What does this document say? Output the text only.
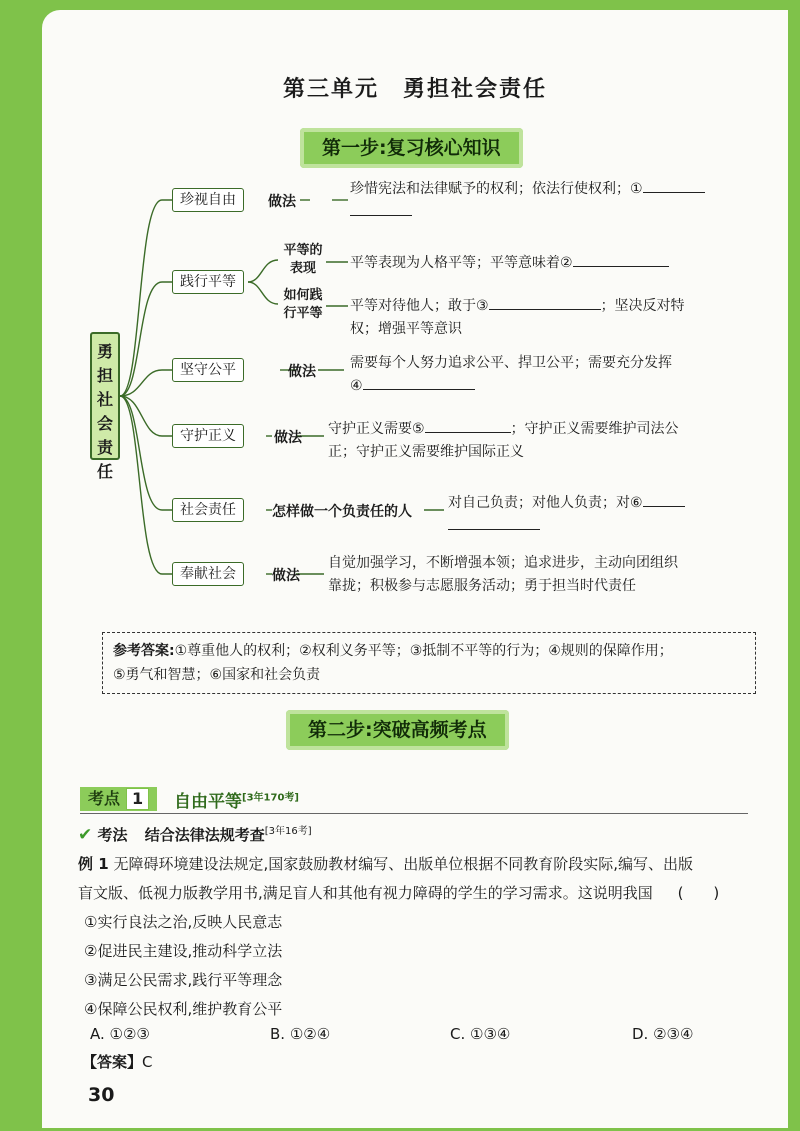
第三单元　勇担社会责任
第一步:复习核心知识
勇担社会责任
珍视自由	做法
珍惜宪法和法律赋予的权利；依法行使权利；①

践行平等
平等的表现	平等表现为人格平等；平等意味着②
如何践行平等	平等对待他人；敢于③	；坚决反对特
权；增强平等意识
坚守公平	做法
需要每个人努力追求公平、捍卫公平；需要充分发挥
④
守护正义	做法
守护正义需要⑤	；守护正义需要维护司法公
正；守护正义需要维护国际正义
社会责任	怎样做一个负责任的人
对自己负责；对他人负责；对⑥

奉献社会	做法
自觉加强学习，不断增强本领；追求进步，主动向团组织
靠拢；积极参与志愿服务活动；勇于担当时代责任
参考答案:①尊重他人的权利；②权利义务平等；③抵制不平等的行为；④规则的保障作用；
⑤勇气和智慧；⑥国家和社会负责
第二步:突破高频考点
考点 1	自由平等[3年170考]
✔ 考法 结合法律法规考查[3年16考]
例 1 无障碍环境建设法规定,国家鼓励教材编写、出版单位根据不同教育阶段实际,编写、出版
盲文版、低视力版教学用书,满足盲人和其他有视力障碍的学生的学习需求。这说明我国 (　　)
①实行良法之治,反映人民意志
②促进民主建设,推动科学立法
③满足公民需求,践行平等理念
④保障公民权利,维护教育公平
A. ①②③	B. ①②④	C. ①③④	D. ②③④
【答案】C
30
